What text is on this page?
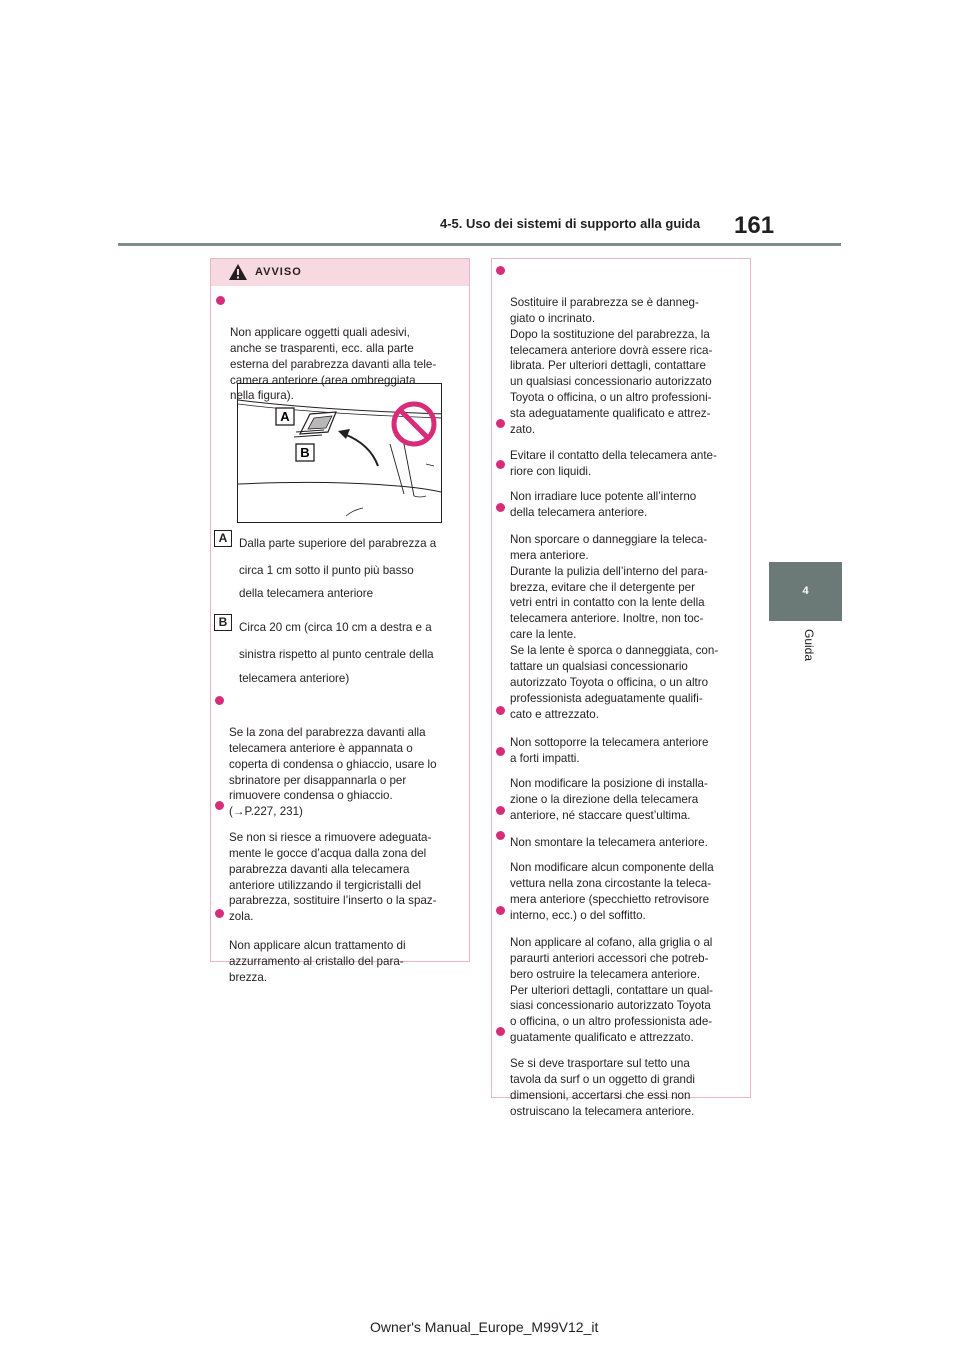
4-5. Uso dei sistemi di supporto alla guida 161
4
Guida
AVVISO

Non applicare oggetti quali adesivi,
anche se trasparenti, ecc. alla parte
esterna del parabrezza davanti alla tele-
camera anteriore (area ombreggiata
nella figura).

A
B
A	Dalla parte superiore del parabrezza a
circa 1 cm sotto il punto più basso
della telecamera anteriore
B	Circa 20 cm (circa 10 cm a destra e a
sinistra rispetto al punto centrale della
telecamera anteriore)

Se la zona del parabrezza davanti alla
telecamera anteriore è appannata o
coperta di condensa o ghiaccio, usare lo
sbrinatore per disappannarla o per
rimuovere condensa o ghiaccio.
(→P.227, 231)

Se non si riesce a rimuovere adeguata-
mente le gocce d’acqua dalla zona del
parabrezza davanti alla telecamera
anteriore utilizzando il tergicristalli del
parabrezza, sostituire l’inserto o la spaz-
zola.

Non applicare alcun trattamento di
azzurramento al cristallo del para-
brezza.

Sostituire il parabrezza se è danneg-
giato o incrinato.
Dopo la sostituzione del parabrezza, la
telecamera anteriore dovrà essere rica-
librata. Per ulteriori dettagli, contattare
un qualsiasi concessionario autorizzato
Toyota o officina, o un altro professioni-
sta adeguatamente qualificato e attrez-
zato.

Evitare il contatto della telecamera ante-
riore con liquidi.

Non irradiare luce potente all’interno
della telecamera anteriore.

Non sporcare o danneggiare la teleca-
mera anteriore.
Durante la pulizia dell’interno del para-
brezza, evitare che il detergente per
vetri entri in contatto con la lente della
telecamera anteriore. Inoltre, non toc-
care la lente.
Se la lente è sporca o danneggiata, con-
tattare un qualsiasi concessionario
autorizzato Toyota o officina, o un altro
professionista adeguatamente qualifi-
cato e attrezzato.

Non sottoporre la telecamera anteriore
a forti impatti.

Non modificare la posizione di installa-
zione o la direzione della telecamera
anteriore, né staccare quest’ultima.

Non smontare la telecamera anteriore.

Non modificare alcun componente della
vettura nella zona circostante la teleca-
mera anteriore (specchietto retrovisore
interno, ecc.) o del soffitto.

Non applicare al cofano, alla griglia o al
paraurti anteriori accessori che potreb-
bero ostruire la telecamera anteriore.
Per ulteriori dettagli, contattare un qual-
siasi concessionario autorizzato Toyota
o officina, o un altro professionista ade-
guatamente qualificato e attrezzato.

Se si deve trasportare sul tetto una
tavola da surf o un oggetto di grandi
dimensioni, accertarsi che essi non
ostruiscano la telecamera anteriore.

Owner's Manual_Europe_M99V12_it
